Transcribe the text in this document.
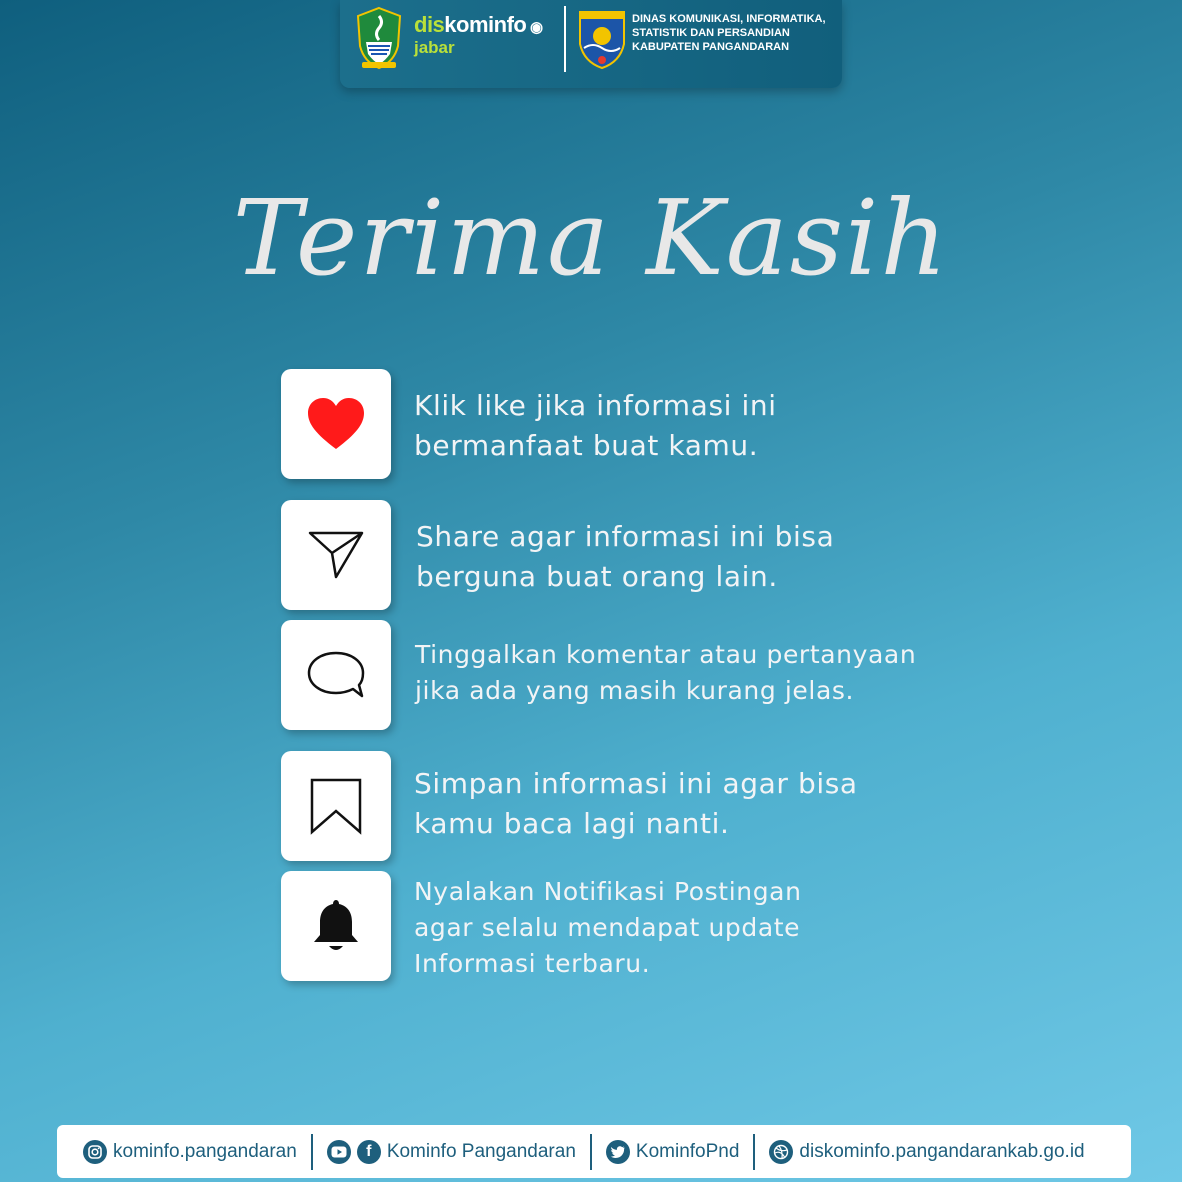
diskominfo ◉
jabar
DINAS KOMUNIKASI, INFORMATIKA,
STATISTIK DAN PERSANDIAN
KABUPATEN PANGANDARAN
Terima Kasih
Klik like jika informasi ini
bermanfaat buat kamu.
Share agar informasi ini bisa
berguna buat orang lain.
Tinggalkan komentar atau pertanyaan
jika ada yang masih kurang jelas.
Simpan informasi ini agar bisa
kamu baca lagi nanti.
Nyalakan Notifikasi Postingan
agar selalu mendapat update
Informasi terbaru.
kominfo.pangandaran	f Kominfo Pangandaran	KominfoPnd	diskominfo.pangandarankab.go.id
